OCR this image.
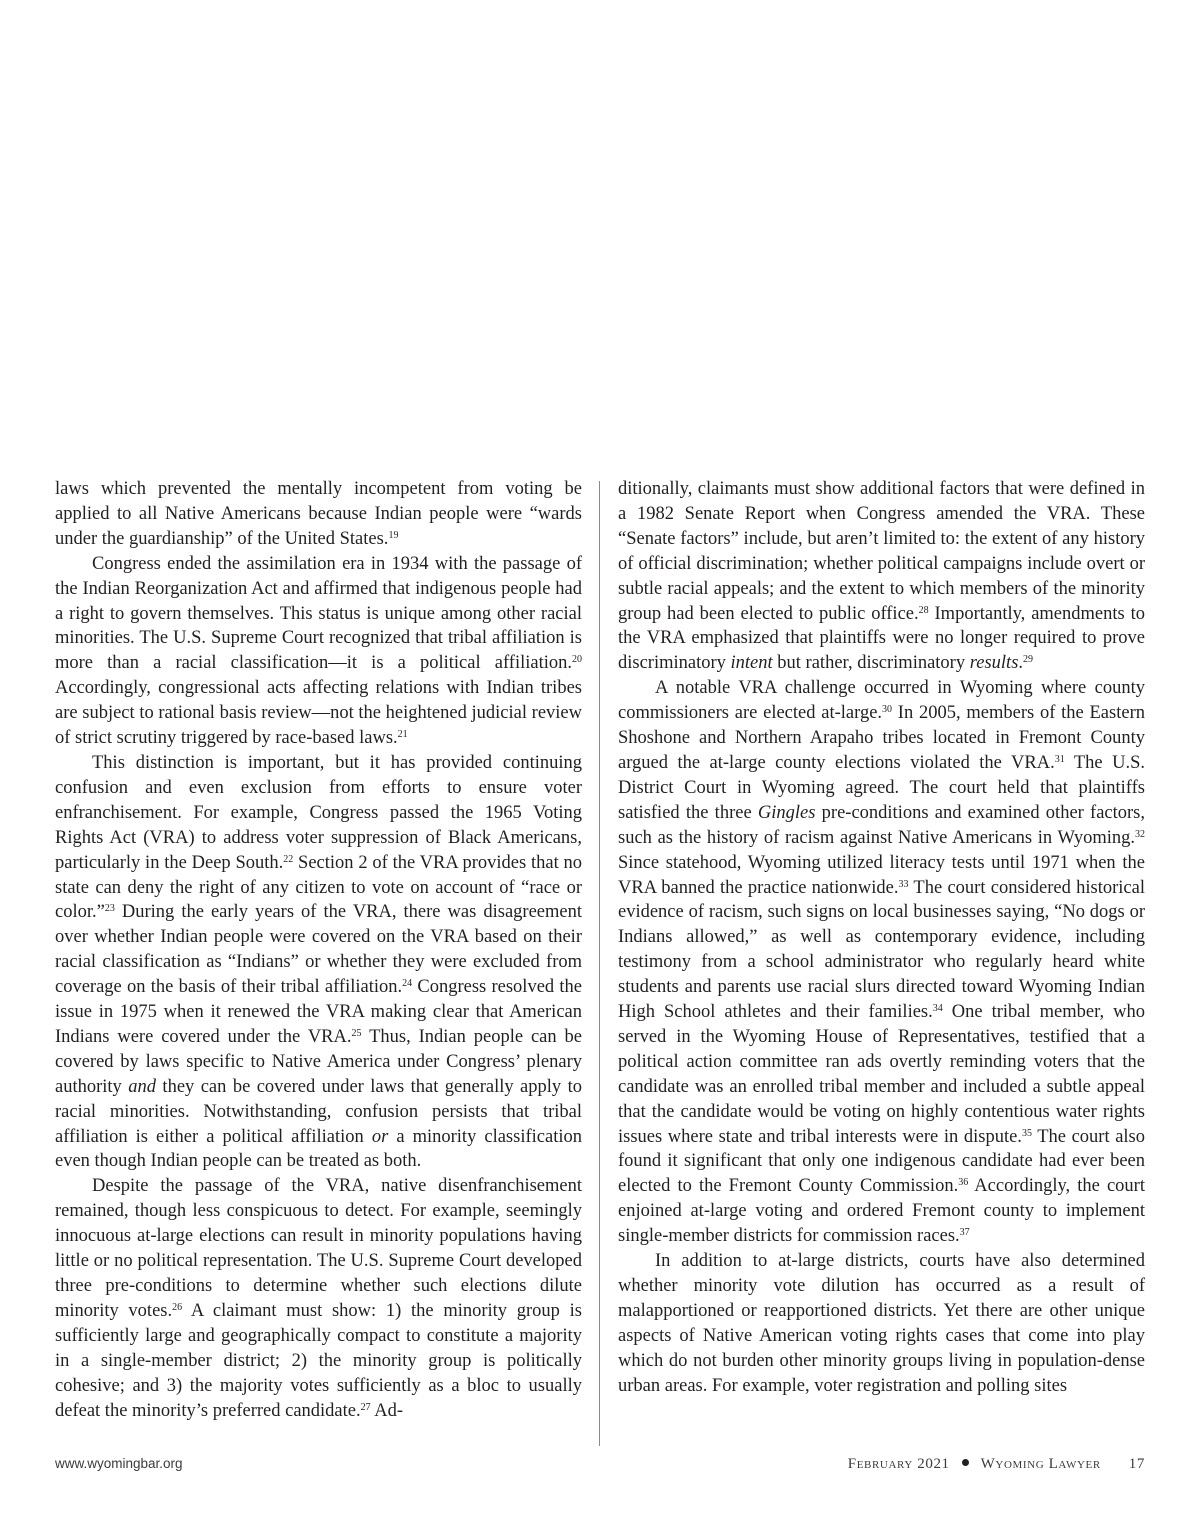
laws which prevented the mentally incompetent from voting be applied to all Native Americans because Indian people were “wards under the guardianship” of the United States.$^{19}$

Congress ended the assimilation era in 1934 with the passage of the Indian Reorganization Act and affirmed that indigenous people had a right to govern themselves. This status is unique among other racial minorities. The U.S. Supreme Court recognized that tribal affiliation is more than a racial classification—it is a political affiliation.$^{20}$ Accordingly, congressional acts affecting relations with Indian tribes are subject to rational basis review—not the heightened judicial review of strict scrutiny triggered by race-based laws.$^{21}$

This distinction is important, but it has provided continuing confusion and even exclusion from efforts to ensure voter enfranchisement. For example, Congress passed the 1965 Voting Rights Act (VRA) to address voter suppression of Black Americans, particularly in the Deep South.$^{22}$ Section 2 of the VRA provides that no state can deny the right of any citizen to vote on account of “race or color.”$^{23}$ During the early years of the VRA, there was disagreement over whether Indian people were covered on the VRA based on their racial classification as “Indians” or whether they were excluded from coverage on the basis of their tribal affiliation.$^{24}$ Congress resolved the issue in 1975 when it renewed the VRA making clear that American Indians were covered under the VRA.$^{25}$ Thus, Indian people can be covered by laws specific to Native America under Congress’ plenary authority and they can be covered under laws that generally apply to racial minorities. Notwithstanding, confusion persists that tribal affiliation is either a political affiliation or a minority classification even though Indian people can be treated as both.

Despite the passage of the VRA, native disenfranchisement remained, though less conspicuous to detect. For example, seemingly innocuous at-large elections can result in minority populations having little or no political representation. The U.S. Supreme Court developed three pre-conditions to determine whether such elections dilute minority votes.$^{26}$ A claimant must show: 1) the minority group is sufficiently large and geographically compact to constitute a majority in a single-member district; 2) the minority group is politically cohesive; and 3) the majority votes sufficiently as a bloc to usually defeat the minority’s preferred candidate.$^{27}$ Ad-

ditionally, claimants must show additional factors that were defined in a 1982 Senate Report when Congress amended the VRA. These “Senate factors” include, but aren’t limited to: the extent of any history of official discrimination; whether political campaigns include overt or subtle racial appeals; and the extent to which members of the minority group had been elected to public office.$^{28}$ Importantly, amendments to the VRA emphasized that plaintiffs were no longer required to prove discriminatory intent but rather, discriminatory results.$^{29}$

A notable VRA challenge occurred in Wyoming where county commissioners are elected at-large.$^{30}$ In 2005, members of the Eastern Shoshone and Northern Arapaho tribes located in Fremont County argued the at-large county elections violated the VRA.$^{31}$ The U.S. District Court in Wyoming agreed. The court held that plaintiffs satisfied the three Gingles pre-conditions and examined other factors, such as the history of racism against Native Americans in Wyoming.$^{32}$ Since statehood, Wyoming utilized literacy tests until 1971 when the VRA banned the practice nationwide.$^{33}$ The court considered historical evidence of racism, such signs on local businesses saying, “No dogs or Indians allowed,” as well as contemporary evidence, including testimony from a school administrator who regularly heard white students and parents use racial slurs directed toward Wyoming Indian High School athletes and their families.$^{34}$ One tribal member, who served in the Wyoming House of Representatives, testified that a political action committee ran ads overtly reminding voters that the candidate was an enrolled tribal member and included a subtle appeal that the candidate would be voting on highly contentious water rights issues where state and tribal interests were in dispute.$^{35}$ The court also found it significant that only one indigenous candidate had ever been elected to the Fremont County Commission.$^{36}$ Accordingly, the court enjoined at-large voting and ordered Fremont county to implement single-member districts for commission races.$^{37}$

In addition to at-large districts, courts have also determined whether minority vote dilution has occurred as a result of malapportioned or reapportioned districts. Yet there are other unique aspects of Native American voting rights cases that come into play which do not burden other minority groups living in population-dense urban areas. For example, voter registration and polling sites

www.wyomingbar.org	February 2021 Wyoming Lawyer 17
